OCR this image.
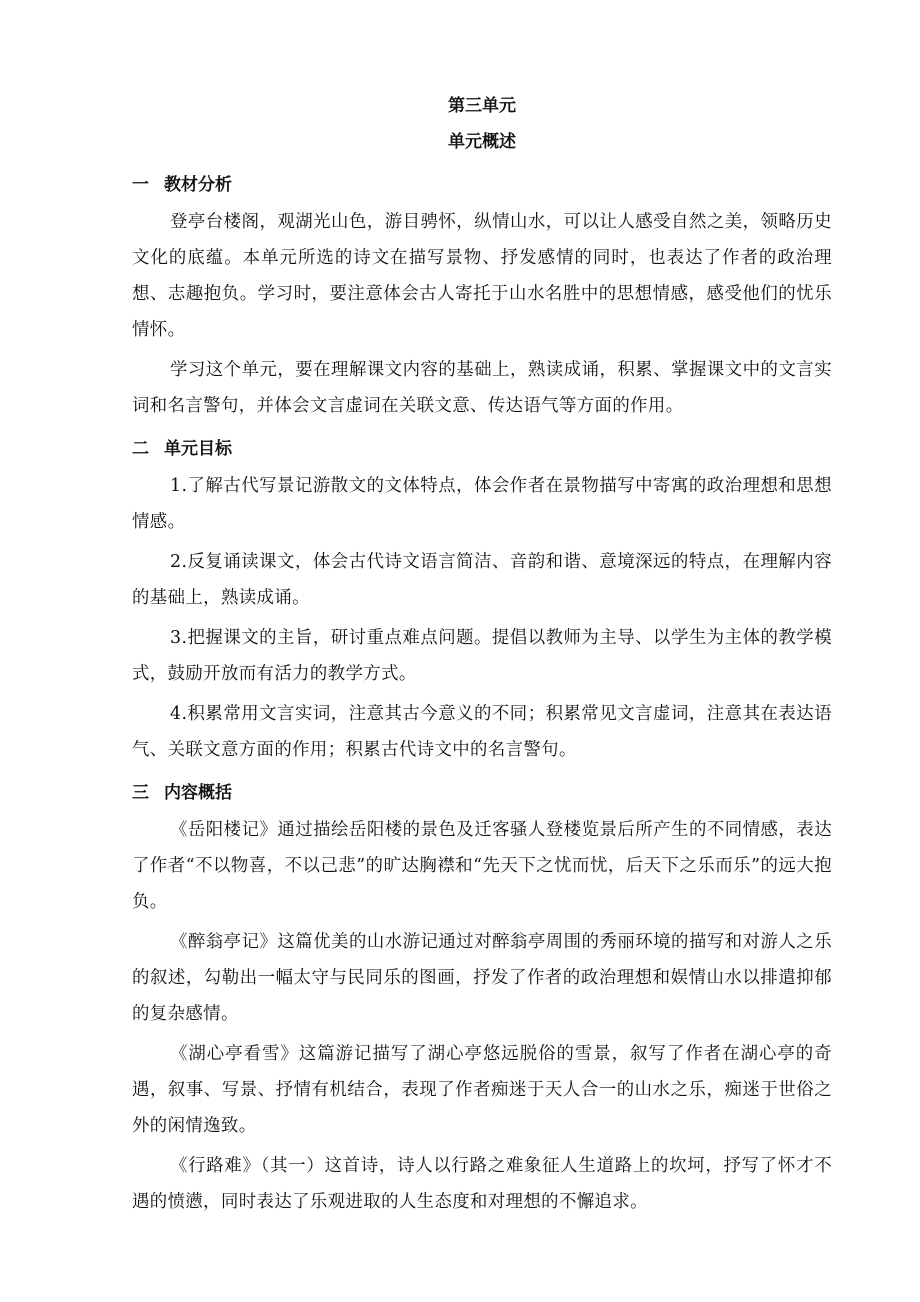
第三单元
单元概述
一 教材分析

登亭台楼阁，观湖光山色，游目骋怀，纵情山水，可以让人感受自然之美，领略历史文化的底蕴。本单元所选的诗文在描写景物、抒发感情的同时，也表达了作者的政治理想、志趣抱负。学习时，要注意体会古人寄托于山水名胜中的思想情感，感受他们的忧乐情怀。

学习这个单元，要在理解课文内容的基础上，熟读成诵，积累、掌握课文中的文言实词和名言警句，并体会文言虚词在关联文意、传达语气等方面的作用。

二 单元目标

1.了解古代写景记游散文的文体特点，体会作者在景物描写中寄寓的政治理想和思想情感。

2.反复诵读课文，体会古代诗文语言简洁、音韵和谐、意境深远的特点，在理解内容的基础上，熟读成诵。

3.把握课文的主旨，研讨重点难点问题。提倡以教师为主导、以学生为主体的教学模式，鼓励开放而有活力的教学方式。

4.积累常用文言实词，注意其古今意义的不同；积累常见文言虚词，注意其在表达语气、关联文意方面的作用；积累古代诗文中的名言警句。

三 内容概括

《岳阳楼记》通过描绘岳阳楼的景色及迁客骚人登楼览景后所产生的不同情感，表达了作者“不以物喜，不以己悲”的旷达胸襟和“先天下之忧而忧，后天下之乐而乐”的远大抱负。

《醉翁亭记》这篇优美的山水游记通过对醉翁亭周围的秀丽环境的描写和对游人之乐的叙述，勾勒出一幅太守与民同乐的图画，抒发了作者的政治理想和娱情山水以排遣抑郁的复杂感情。

《湖心亭看雪》这篇游记描写了湖心亭悠远脱俗的雪景，叙写了作者在湖心亭的奇遇，叙事、写景、抒情有机结合，表现了作者痴迷于天人合一的山水之乐，痴迷于世俗之外的闲情逸致。

《行路难》（其一）这首诗，诗人以行路之难象征人生道路上的坎坷，抒写了怀才不遇的愤懑，同时表达了乐观进取的人生态度和对理想的不懈追求。
